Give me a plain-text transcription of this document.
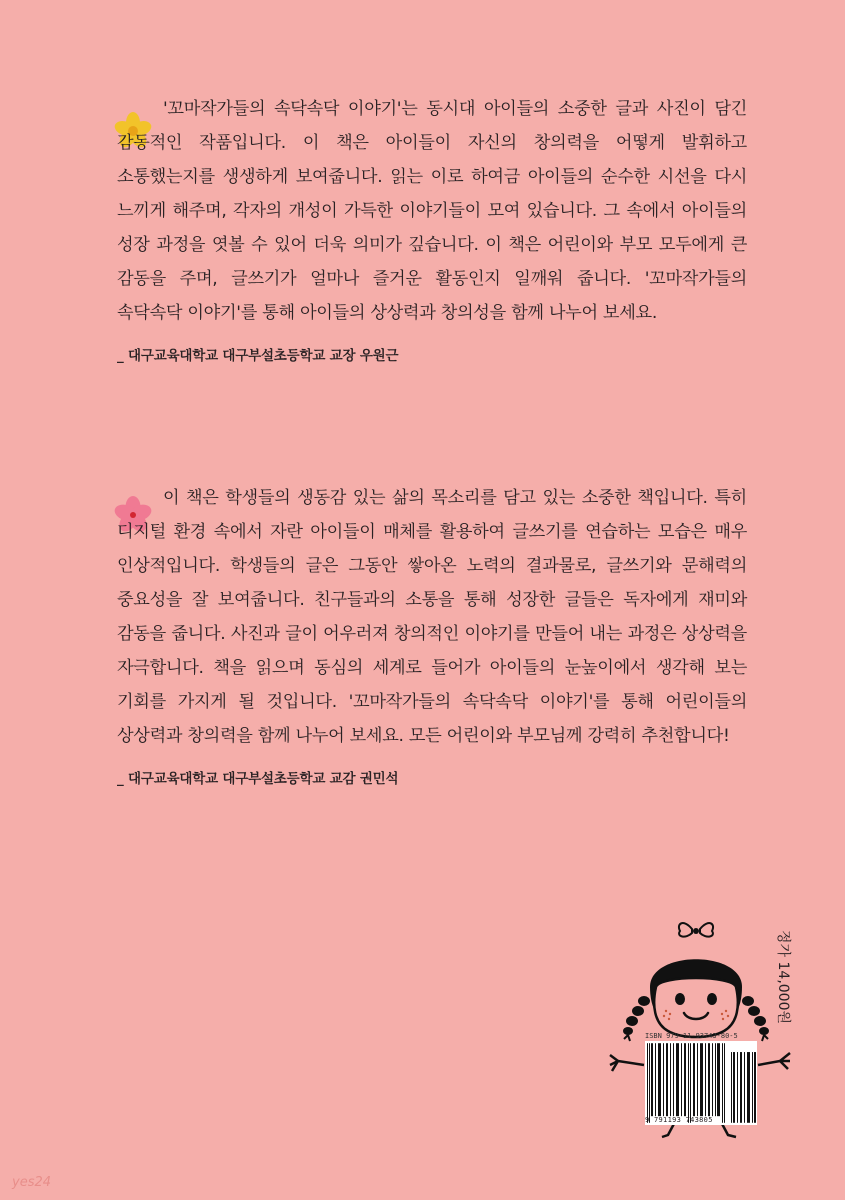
'꼬마작가들의 속닥속닥 이야기'는 동시대 아이들의 소중한 글과 사진이 담긴 감동적인 작품입니다. 이 책은 아이들이 자신의 창의력을 어떻게 발휘하고 소통했는지를 생생하게 보여줍니다. 읽는 이로 하여금 아이들의 순수한 시선을 다시 느끼게 해주며, 각자의 개성이 가득한 이야기들이 모여 있습니다. 그 속에서 아이들의 성장 과정을 엿볼 수 있어 더욱 의미가 깊습니다. 이 책은 어린이와 부모 모두에게 큰 감동을 주며, 글쓰기가 얼마나 즐거운 활동인지 일깨워 줍니다. '꼬마작가들의 속닥속닥 이야기'를 통해 아이들의 상상력과 창의성을 함께 나누어 보세요.

_ 대구교육대학교 대구부설초등학교 교장 우원근

이 책은 학생들의 생동감 있는 삶의 목소리를 담고 있는 소중한 책입니다. 특히 디지털 환경 속에서 자란 아이들이 매체를 활용하여 글쓰기를 연습하는 모습은 매우 인상적입니다. 학생들의 글은 그동안 쌓아온 노력의 결과물로, 글쓰기와 문해력의 중요성을 잘 보여줍니다. 친구들과의 소통을 통해 성장한 글들은 독자에게 재미와 감동을 줍니다. 사진과 글이 어우러져 창의적인 이야기를 만들어 내는 과정은 상상력을 자극합니다. 책을 읽으며 동심의 세계로 들어가 아이들의 눈높이에서 생각해 보는 기회를 가지게 될 것입니다. '꼬마작가들의 속닥속닥 이야기'를 통해 어린이들의 상상력과 창의력을 함께 나누어 보세요. 모든 어린이와 부모님께 강력히 추천합니다!

_ 대구교육대학교 대구부설초등학교 교감 권민석
ISBN 979-11-93743-80-5
9 791193 743805
정가 14,000원
yes24
